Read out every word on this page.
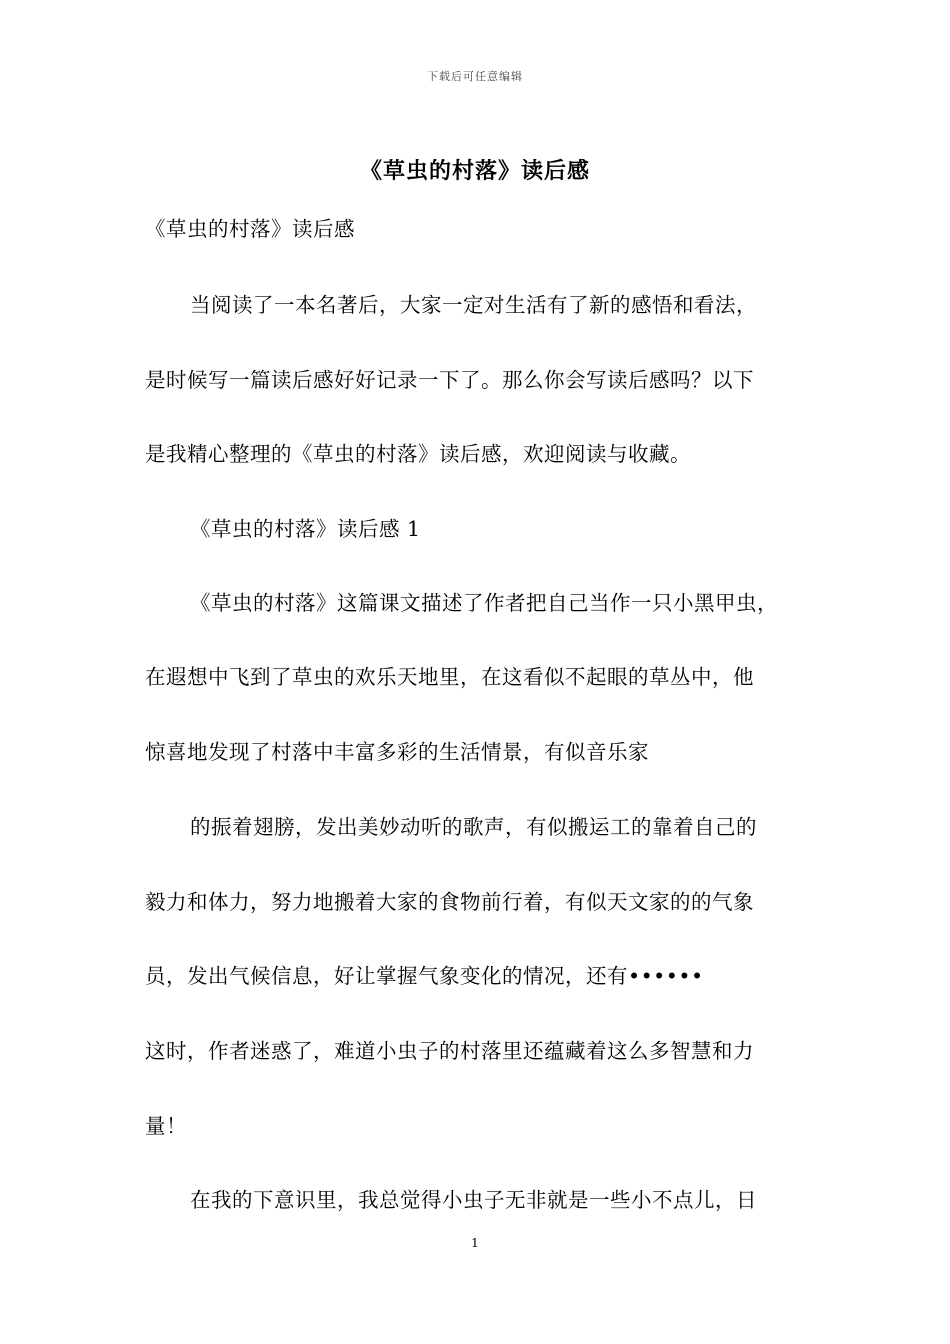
下载后可任意编辑
《草虫的村落》读后感
《草虫的村落》读后感
当阅读了一本名著后，大家一定对生活有了新的感悟和看法，
是时候写一篇读后感好好记录一下了。那么你会写读后感吗？以下
是我精心整理的《草虫的村落》读后感，欢迎阅读与收藏。
《草虫的村落》读后感 1
《草虫的村落》这篇课文描述了作者把自己当作一只小黑甲虫，
在遐想中飞到了草虫的欢乐天地里，在这看似不起眼的草丛中，他
惊喜地发现了村落中丰富多彩的生活情景，有似音乐家
的振着翅膀，发出美妙动听的歌声，有似搬运工的靠着自己的
毅力和体力，努力地搬着大家的食物前行着，有似天文家的的气象
员，发出气候信息，好让掌握气象变化的情况，还有••••••
这时，作者迷惑了，难道小虫子的村落里还蕴藏着这么多智慧和力
量！
在我的下意识里，我总觉得小虫子无非就是一些小不点儿，日
1
